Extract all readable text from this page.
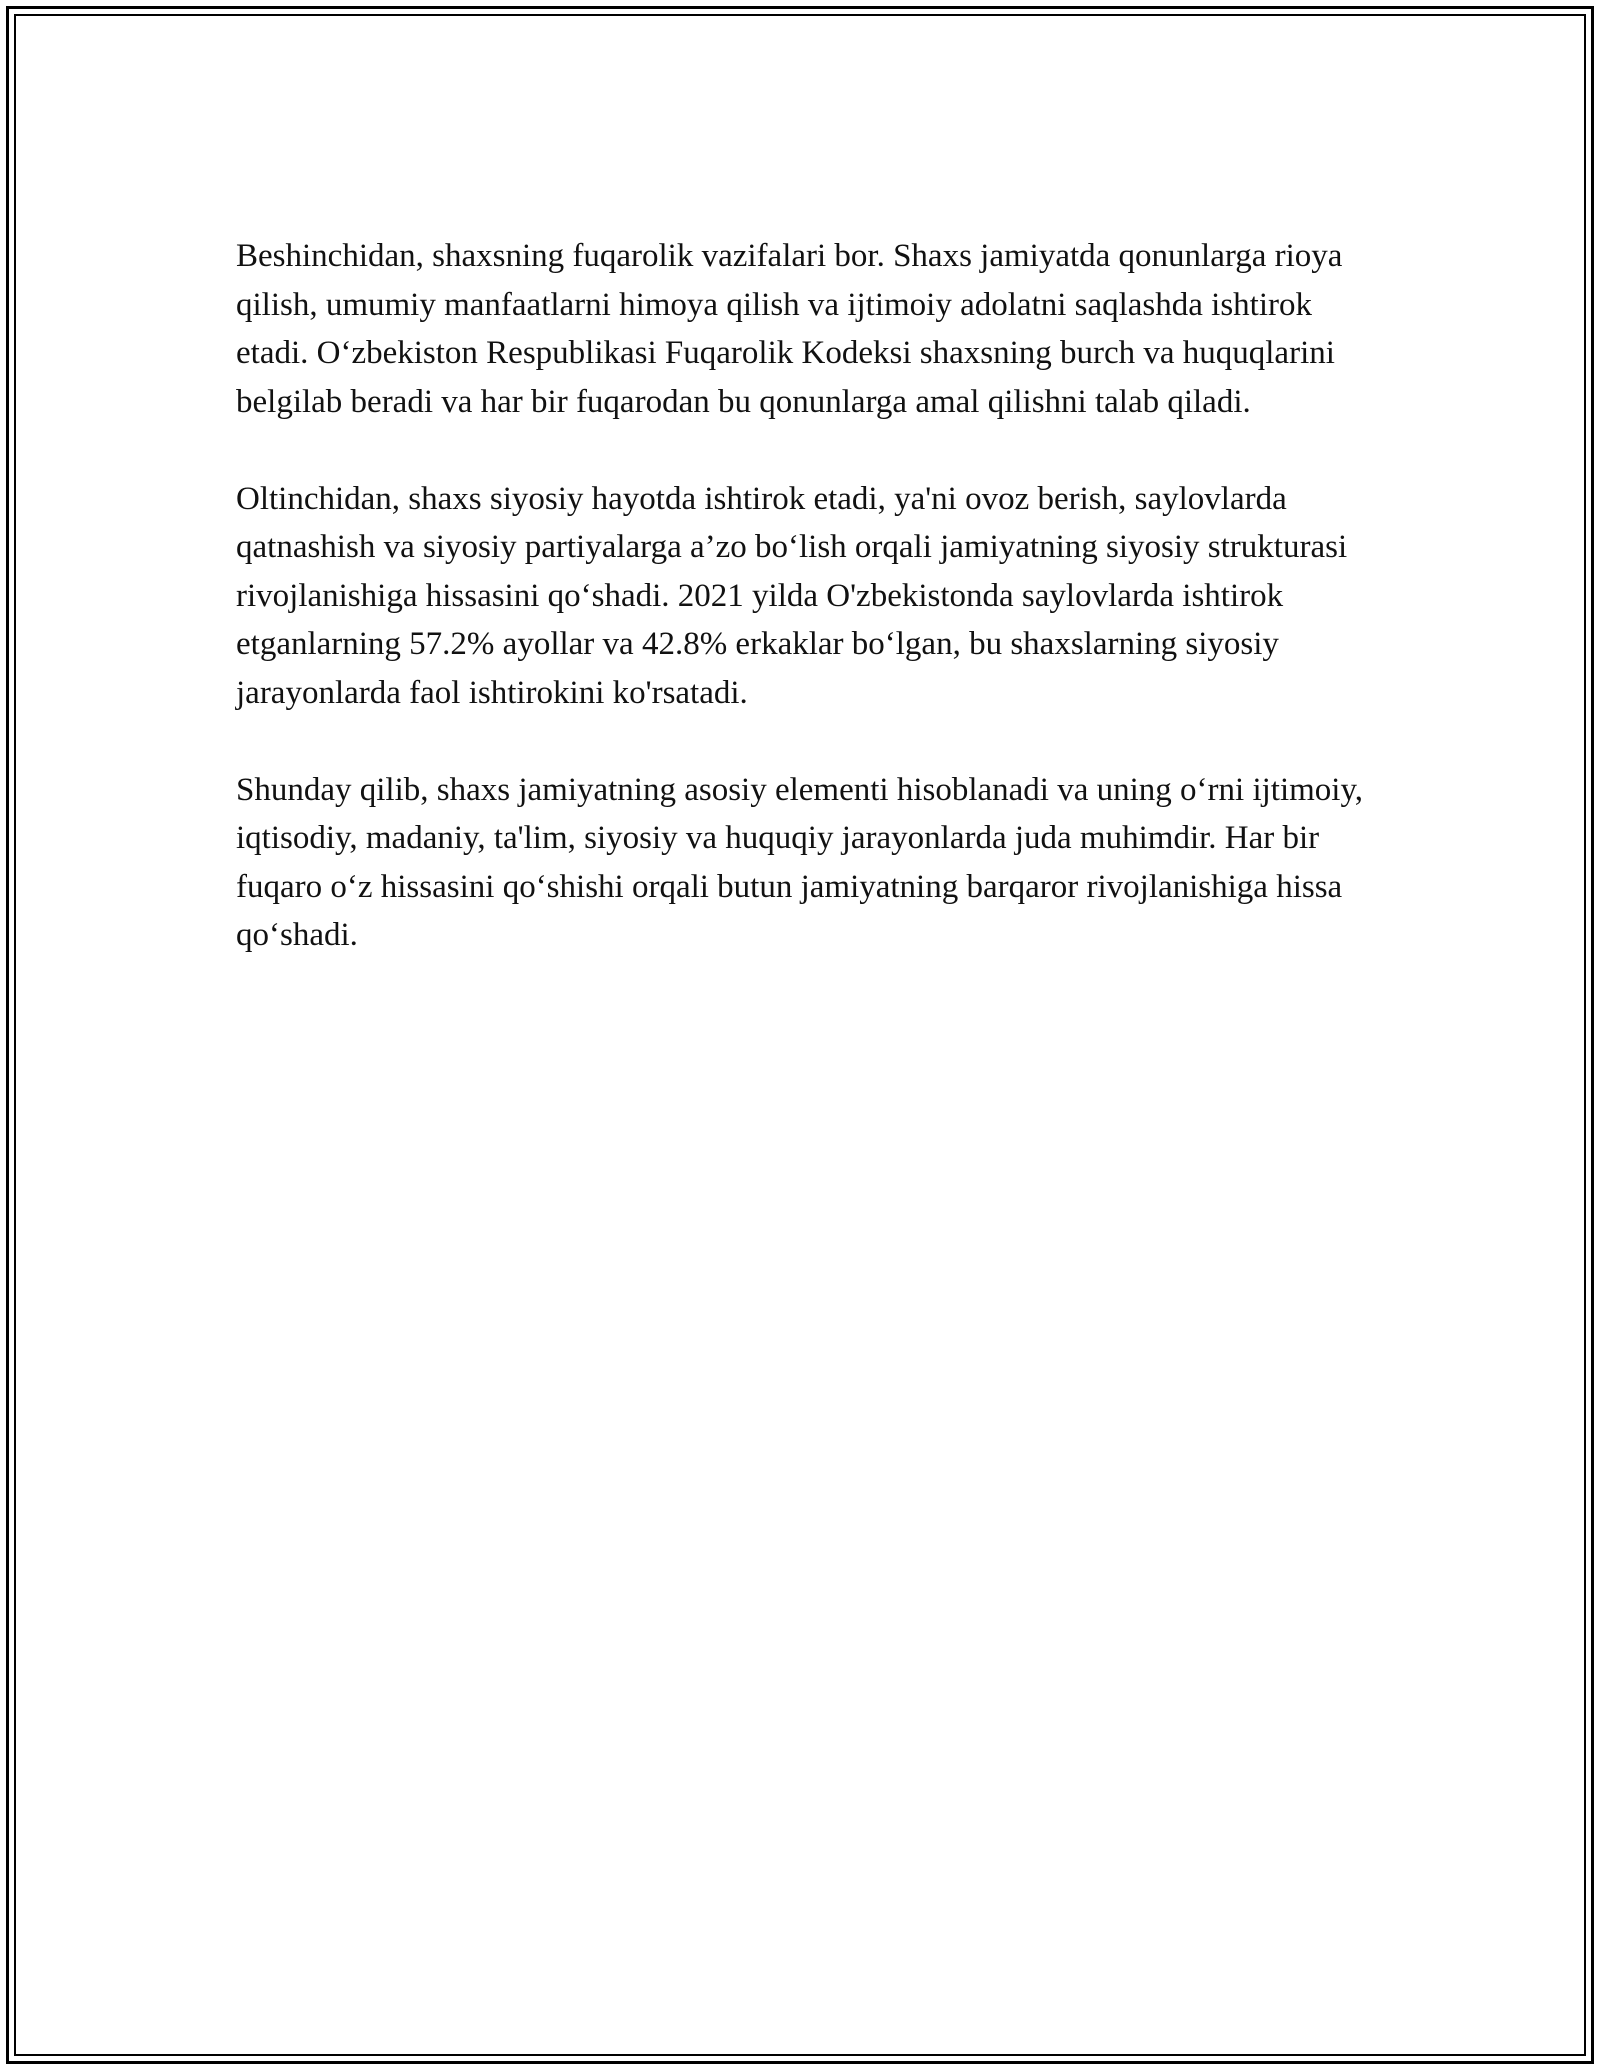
Beshinchidan, shaxsning fuqarolik vazifalari bor. Shaxs jamiyatda qonunlarga rioya qilish, umumiy manfaatlarni himoya qilish va ijtimoiy adolatni saqlashda ishtirok etadi. O‘zbekiston Respublikasi Fuqarolik Kodeksi shaxsning burch va huquqlarini belgilab beradi va har bir fuqarodan bu qonunlarga amal qilishni talab qiladi.

Oltinchidan, shaxs siyosiy hayotda ishtirok etadi, ya'ni ovoz berish, saylovlarda qatnashish va siyosiy partiyalarga a’zo bo‘lish orqali jamiyatning siyosiy strukturasi rivojlanishiga hissasini qo‘shadi. 2021 yilda O'zbekistonda saylovlarda ishtirok etganlarning 57.2% ayollar va 42.8% erkaklar bo‘lgan, bu shaxslarning siyosiy jarayonlarda faol ishtirokini ko'rsatadi.

Shunday qilib, shaxs jamiyatning asosiy elementi hisoblanadi va uning o‘rni ijtimoiy, iqtisodiy, madaniy, ta'lim, siyosiy va huquqiy jarayonlarda juda muhimdir. Har bir fuqaro o‘z hissasini qo‘shishi orqali butun jamiyatning barqaror rivojlanishiga hissa qo‘shadi.
